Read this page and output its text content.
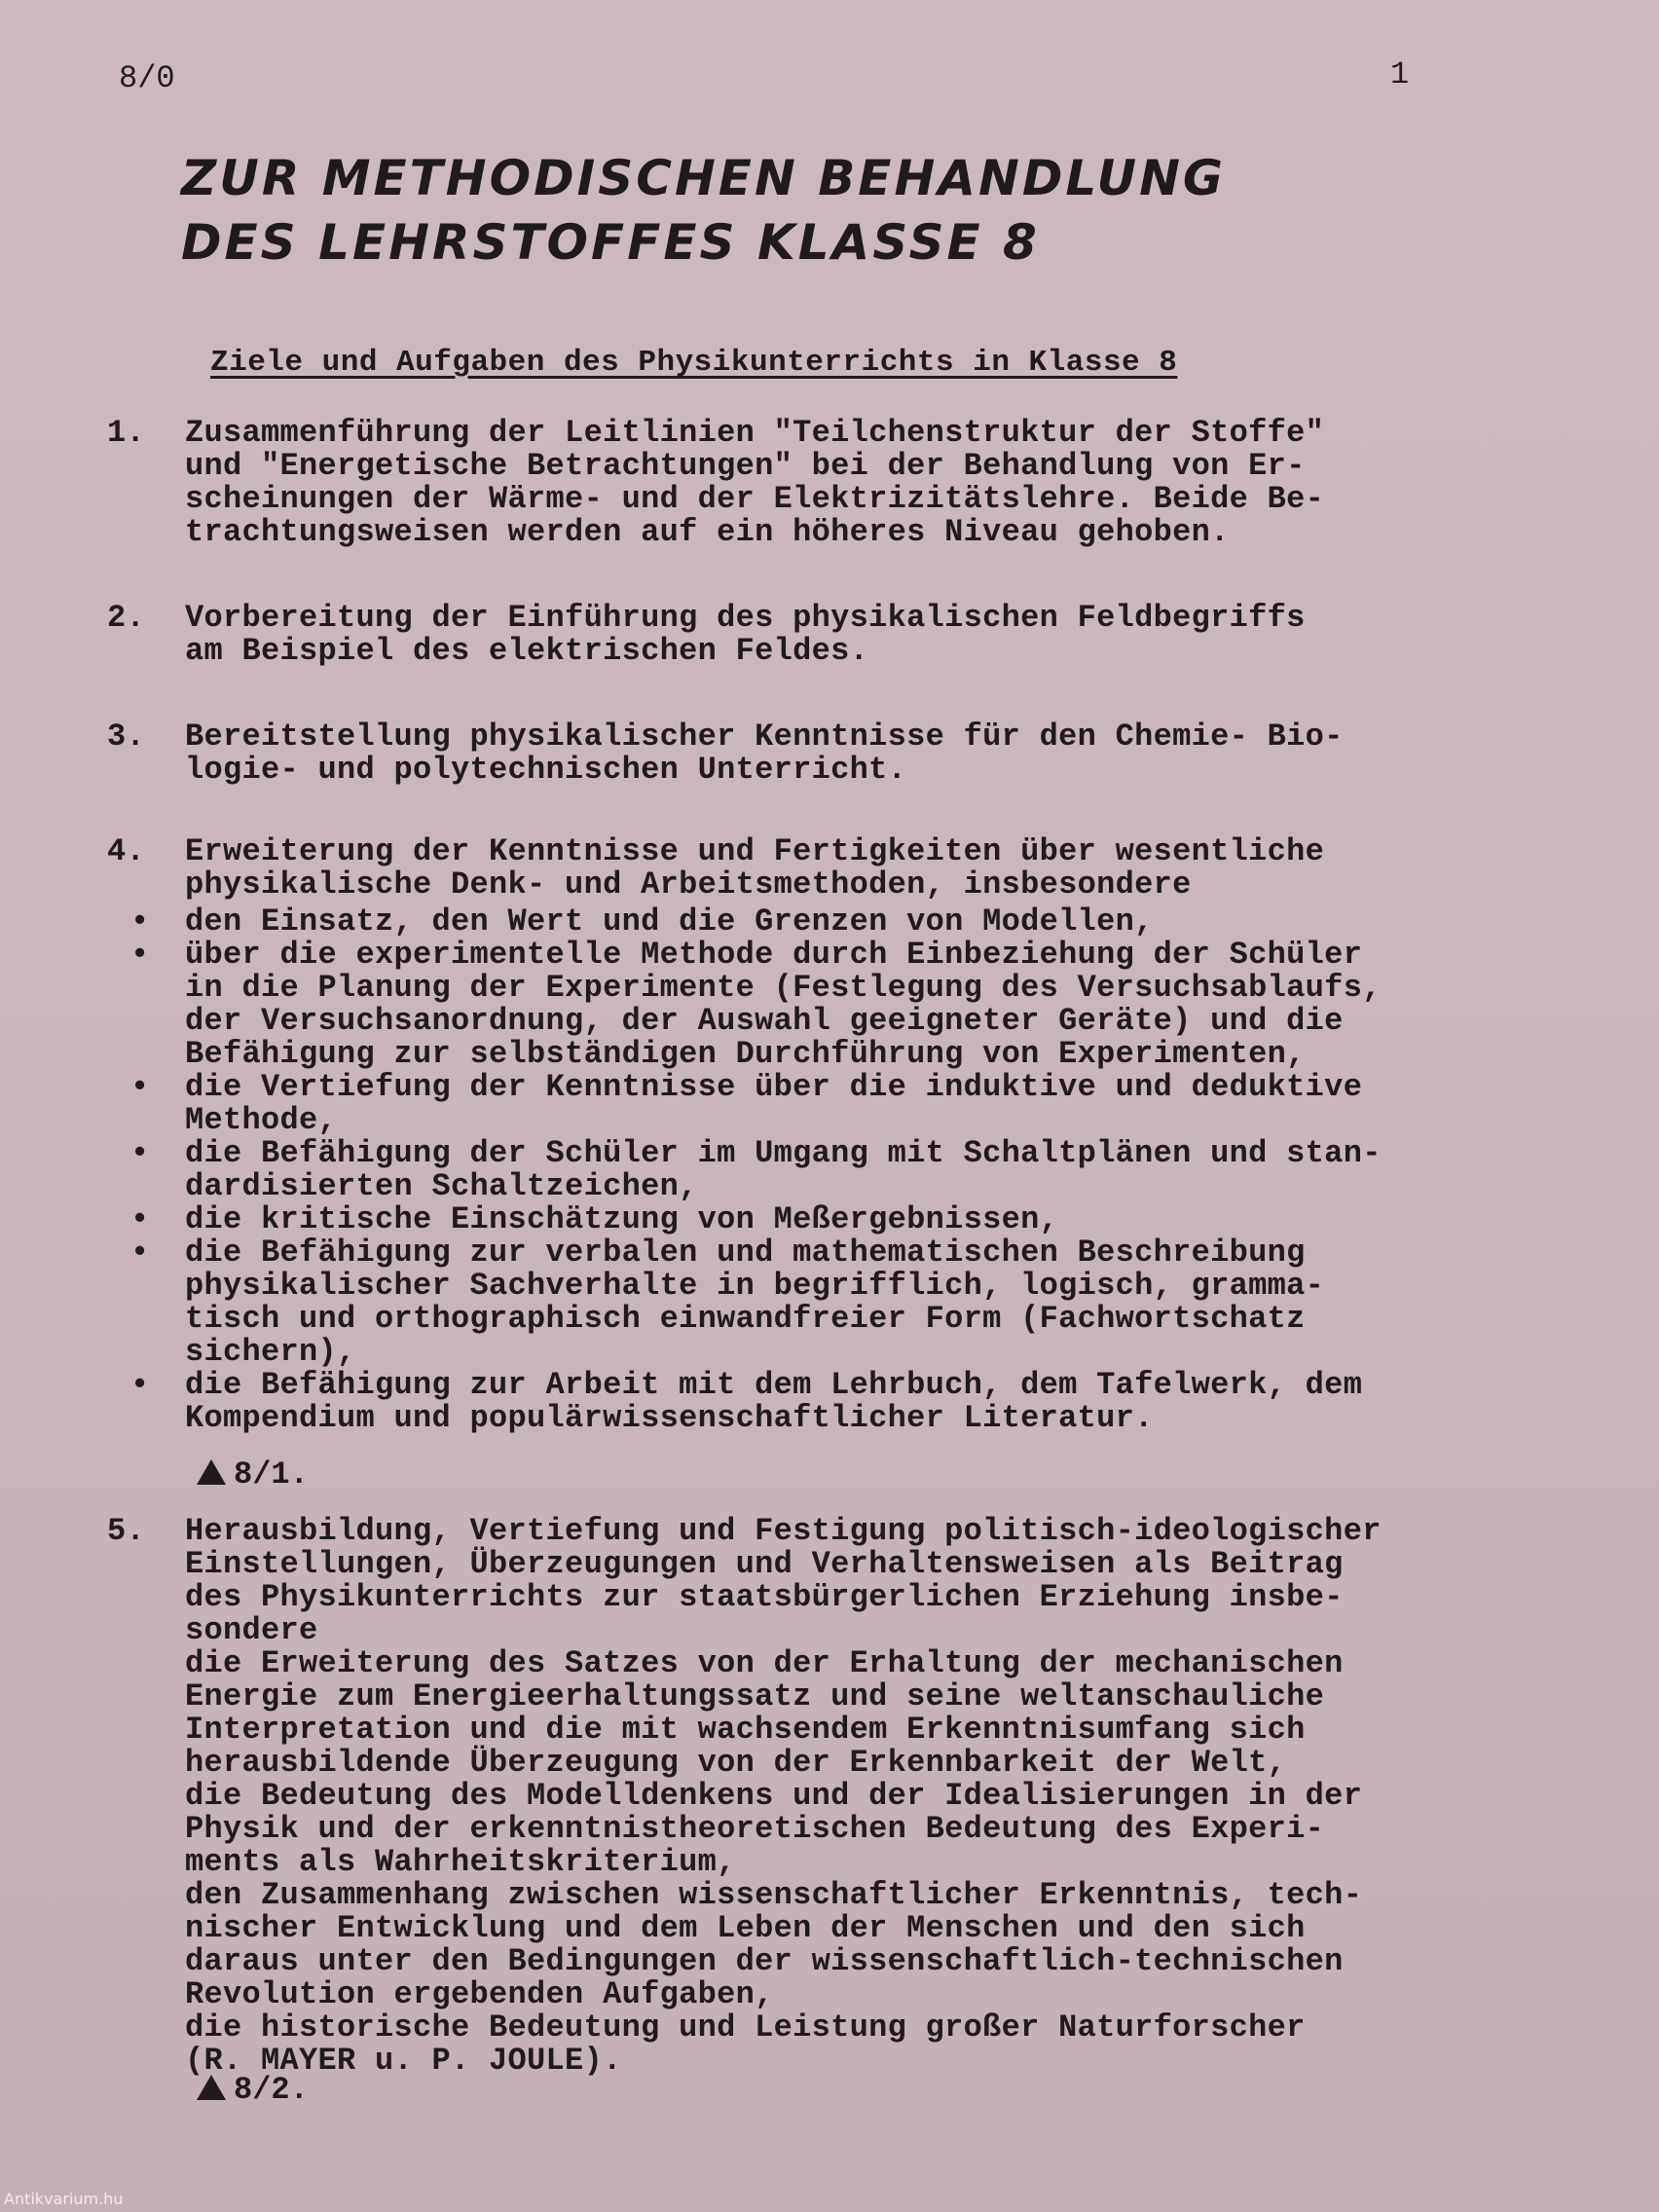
8/0	1
ZUR METHODISCHEN BEHANDLUNG
DES LEHRSTOFFES KLASSE 8
Ziele und Aufgaben des Physikunterrichts in Klasse 8
1.	Zusammenführung der Leitlinien "Teilchenstruktur der Stoffe"
und "Energetische Betrachtungen" bei der Behandlung von Er-
scheinungen der Wärme- und der Elektrizitätslehre. Beide Be-
trachtungsweisen werden auf ein höheres Niveau gehoben.
2.	Vorbereitung der Einführung des physikalischen Feldbegriffs
am Beispiel des elektrischen Feldes.
3.	Bereitstellung physikalischer Kenntnisse für den Chemie- Bio-
logie- und polytechnischen Unterricht.
4.	Erweiterung der Kenntnisse und Fertigkeiten über wesentliche
physikalische Denk- und Arbeitsmethoden, insbesondere
•	den Einsatz, den Wert und die Grenzen von Modellen,
•	über die experimentelle Methode durch Einbeziehung der Schüler
in die Planung der Experimente (Festlegung des Versuchsablaufs,
der Versuchsanordnung, der Auswahl geeigneter Geräte) und die
Befähigung zur selbständigen Durchführung von Experimenten,
•	die Vertiefung der Kenntnisse über die induktive und deduktive
Methode,
•	die Befähigung der Schüler im Umgang mit Schaltplänen und stan-
dardisierten Schaltzeichen,
•	die kritische Einschätzung von Meßergebnissen,
•	die Befähigung zur verbalen und mathematischen Beschreibung
physikalischer Sachverhalte in begrifflich, logisch, gramma-
tisch und orthographisch einwandfreier Form (Fachwortschatz
sichern),
•	die Befähigung zur Arbeit mit dem Lehrbuch, dem Tafelwerk, dem
Kompendium und populärwissenschaftlicher Literatur.
8/1.
5.	Herausbildung, Vertiefung und Festigung politisch-ideologischer
Einstellungen, Überzeugungen und Verhaltensweisen als Beitrag
des Physikunterrichts zur staatsbürgerlichen Erziehung insbe-
sondere
die Erweiterung des Satzes von der Erhaltung der mechanischen
Energie zum Energieerhaltungssatz und seine weltanschauliche
Interpretation und die mit wachsendem Erkenntnisumfang sich
herausbildende Überzeugung von der Erkennbarkeit der Welt,
die Bedeutung des Modelldenkens und der Idealisierungen in der
Physik und der erkenntnistheoretischen Bedeutung des Experi-
ments als Wahrheitskriterium,
den Zusammenhang zwischen wissenschaftlicher Erkenntnis, tech-
nischer Entwicklung und dem Leben der Menschen und den sich
daraus unter den Bedingungen der wissenschaftlich-technischen
Revolution ergebenden Aufgaben,
die historische Bedeutung und Leistung großer Naturforscher
(R. MAYER u. P. JOULE).
8/2.
Antikvarium.hu
